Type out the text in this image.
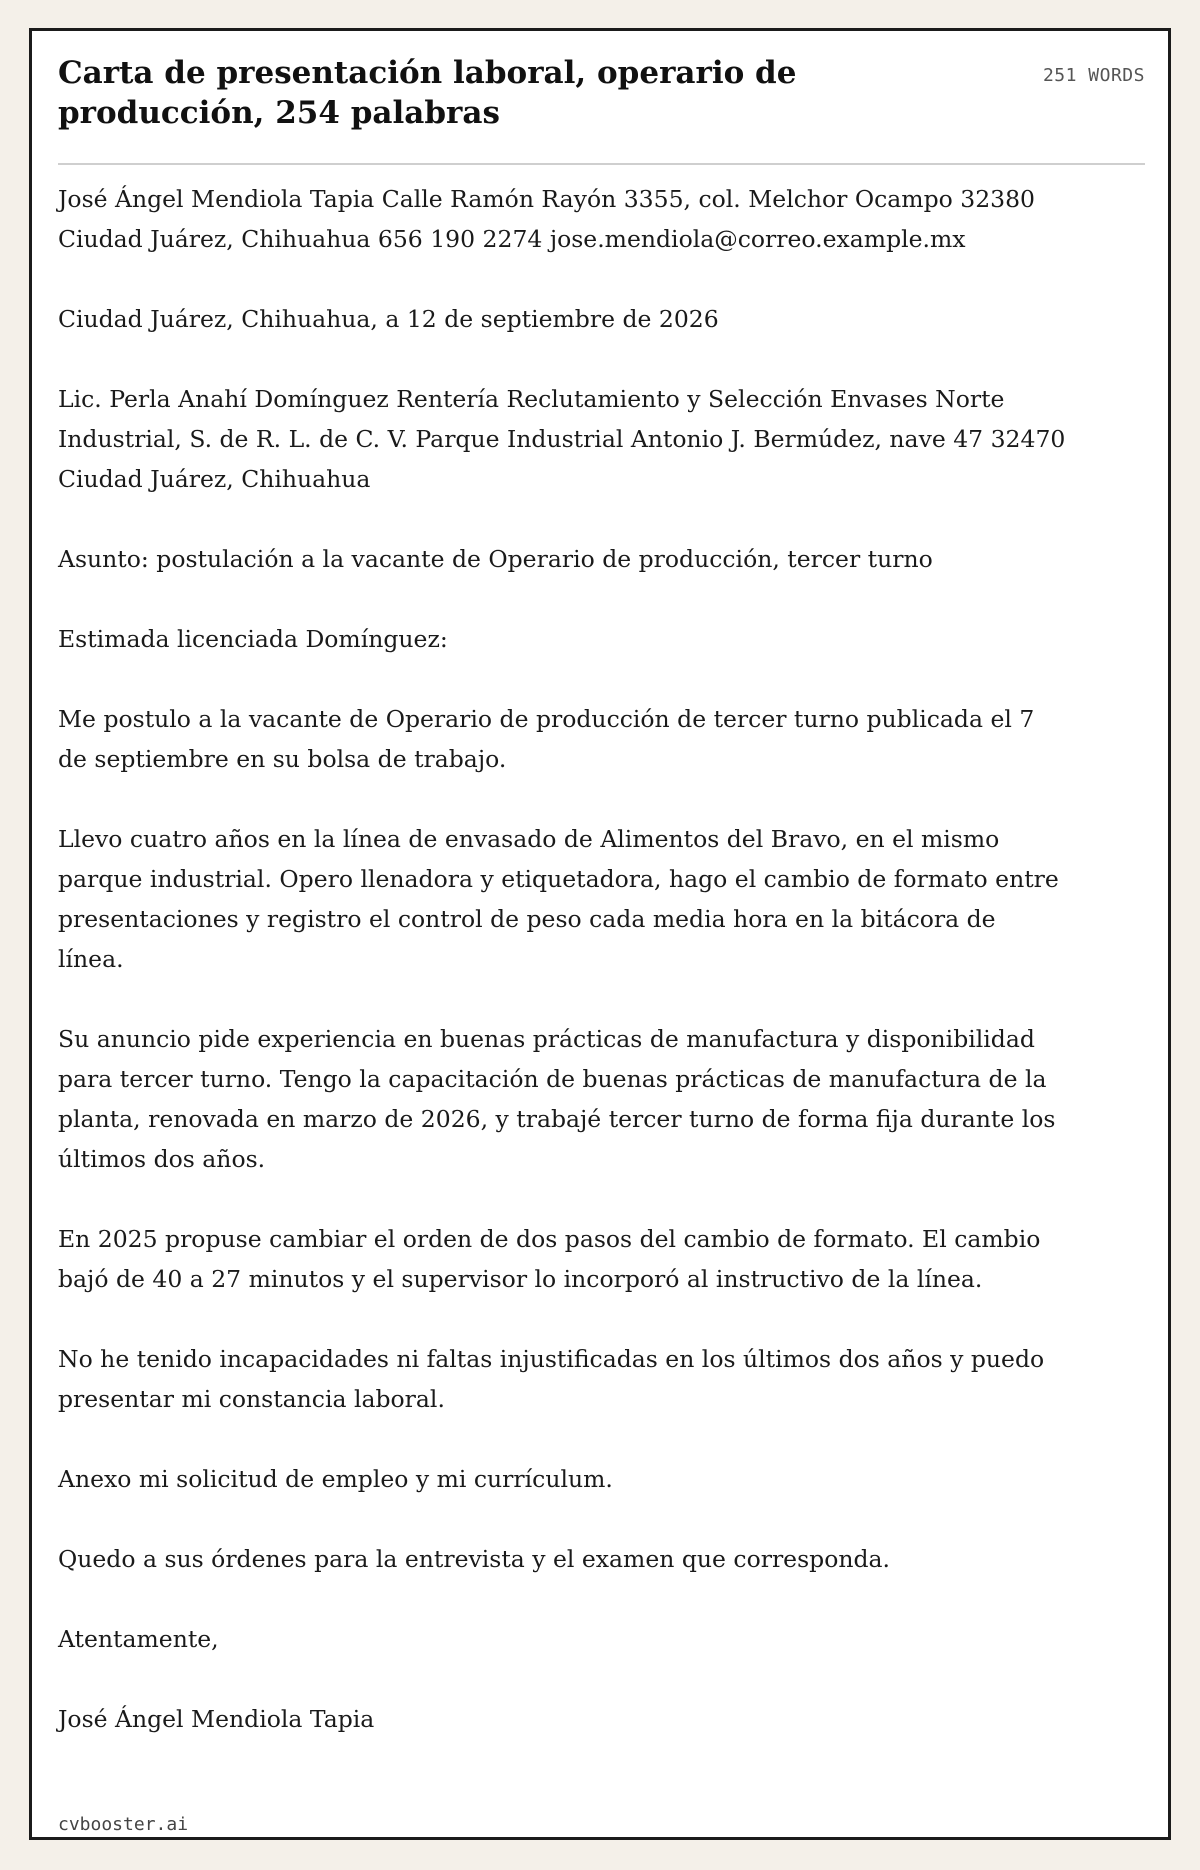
Carta de presentación laboral, operario de producción, 254 palabras
251 WORDS

José Ángel Mendiola Tapia Calle Ramón Rayón 3355, col. Melchor Ocampo 32380 Ciudad Juárez, Chihuahua 656 190 2274 jose.mendiola@correo.example.mx

Ciudad Juárez, Chihuahua, a 12 de septiembre de 2026

Lic. Perla Anahí Domínguez Rentería Reclutamiento y Selección Envases Norte Industrial, S. de R. L. de C. V. Parque Industrial Antonio J. Bermúdez, nave 47 32470 Ciudad Juárez, Chihuahua

Asunto: postulación a la vacante de Operario de producción, tercer turno

Estimada licenciada Domínguez:

Me postulo a la vacante de Operario de producción de tercer turno publicada el 7 de septiembre en su bolsa de trabajo.

Llevo cuatro años en la línea de envasado de Alimentos del Bravo, en el mismo parque industrial. Opero llenadora y etiquetadora, hago el cambio de formato entre presentaciones y registro el control de peso cada media hora en la bitácora de línea.

Su anuncio pide experiencia en buenas prácticas de manufactura y disponibilidad para tercer turno. Tengo la capacitación de buenas prácticas de manufactura de la planta, renovada en marzo de 2026, y trabajé tercer turno de forma fija durante los últimos dos años.

En 2025 propuse cambiar el orden de dos pasos del cambio de formato. El cambio bajó de 40 a 27 minutos y el supervisor lo incorporó al instructivo de la línea.

No he tenido incapacidades ni faltas injustificadas en los últimos dos años y puedo presentar mi constancia laboral.

Anexo mi solicitud de empleo y mi currículum.

Quedo a sus órdenes para la entrevista y el examen que corresponda.

Atentamente,

José Ángel Mendiola Tapia

cvbooster.ai
